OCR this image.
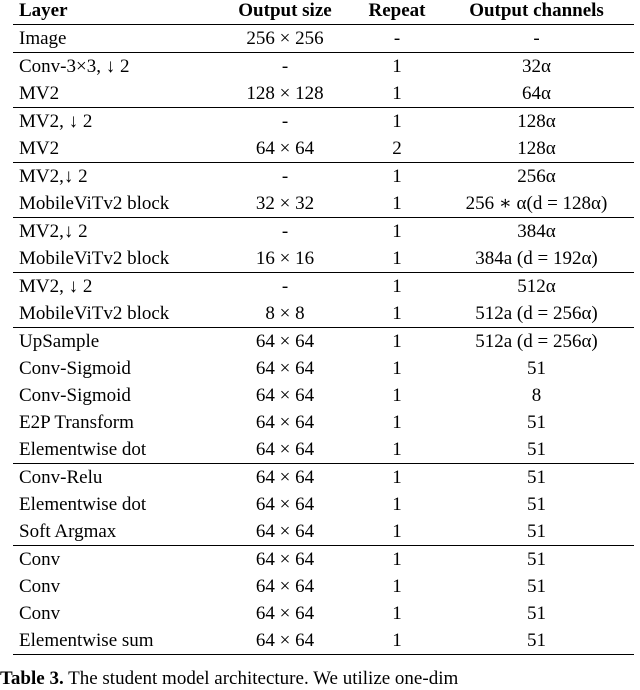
Layer	Output size	Repeat	Output channels
Image	256 × 256	-	-
Conv-3×3, ↓ 2	-	1	32α
MV2	128 × 128	1	64α
MV2, ↓ 2	-	1	128α
MV2	64 × 64	2	128α
MV2,↓ 2	-	1	256α
MobileViTv2 block	32 × 32	1	256 ∗ α(d = 128α)
MV2,↓ 2	-	1	384α
MobileViTv2 block	16 × 16	1	384a (d = 192α)
MV2, ↓ 2	-	1	512α
MobileViTv2 block	8 × 8	1	512a (d = 256α)
UpSample	64 × 64	1	512a (d = 256α)
Conv-Sigmoid	64 × 64	1	51
Conv-Sigmoid	64 × 64	1	8
E2P Transform	64 × 64	1	51
Elementwise dot	64 × 64	1	51
Conv-Relu	64 × 64	1	51
Elementwise dot	64 × 64	1	51
Soft Argmax	64 × 64	1	51
Conv	64 × 64	1	51
Conv	64 × 64	1	51
Conv	64 × 64	1	51
Elementwise sum	64 × 64	1	51
Table 3. The student model architecture. We utilize one-dim
